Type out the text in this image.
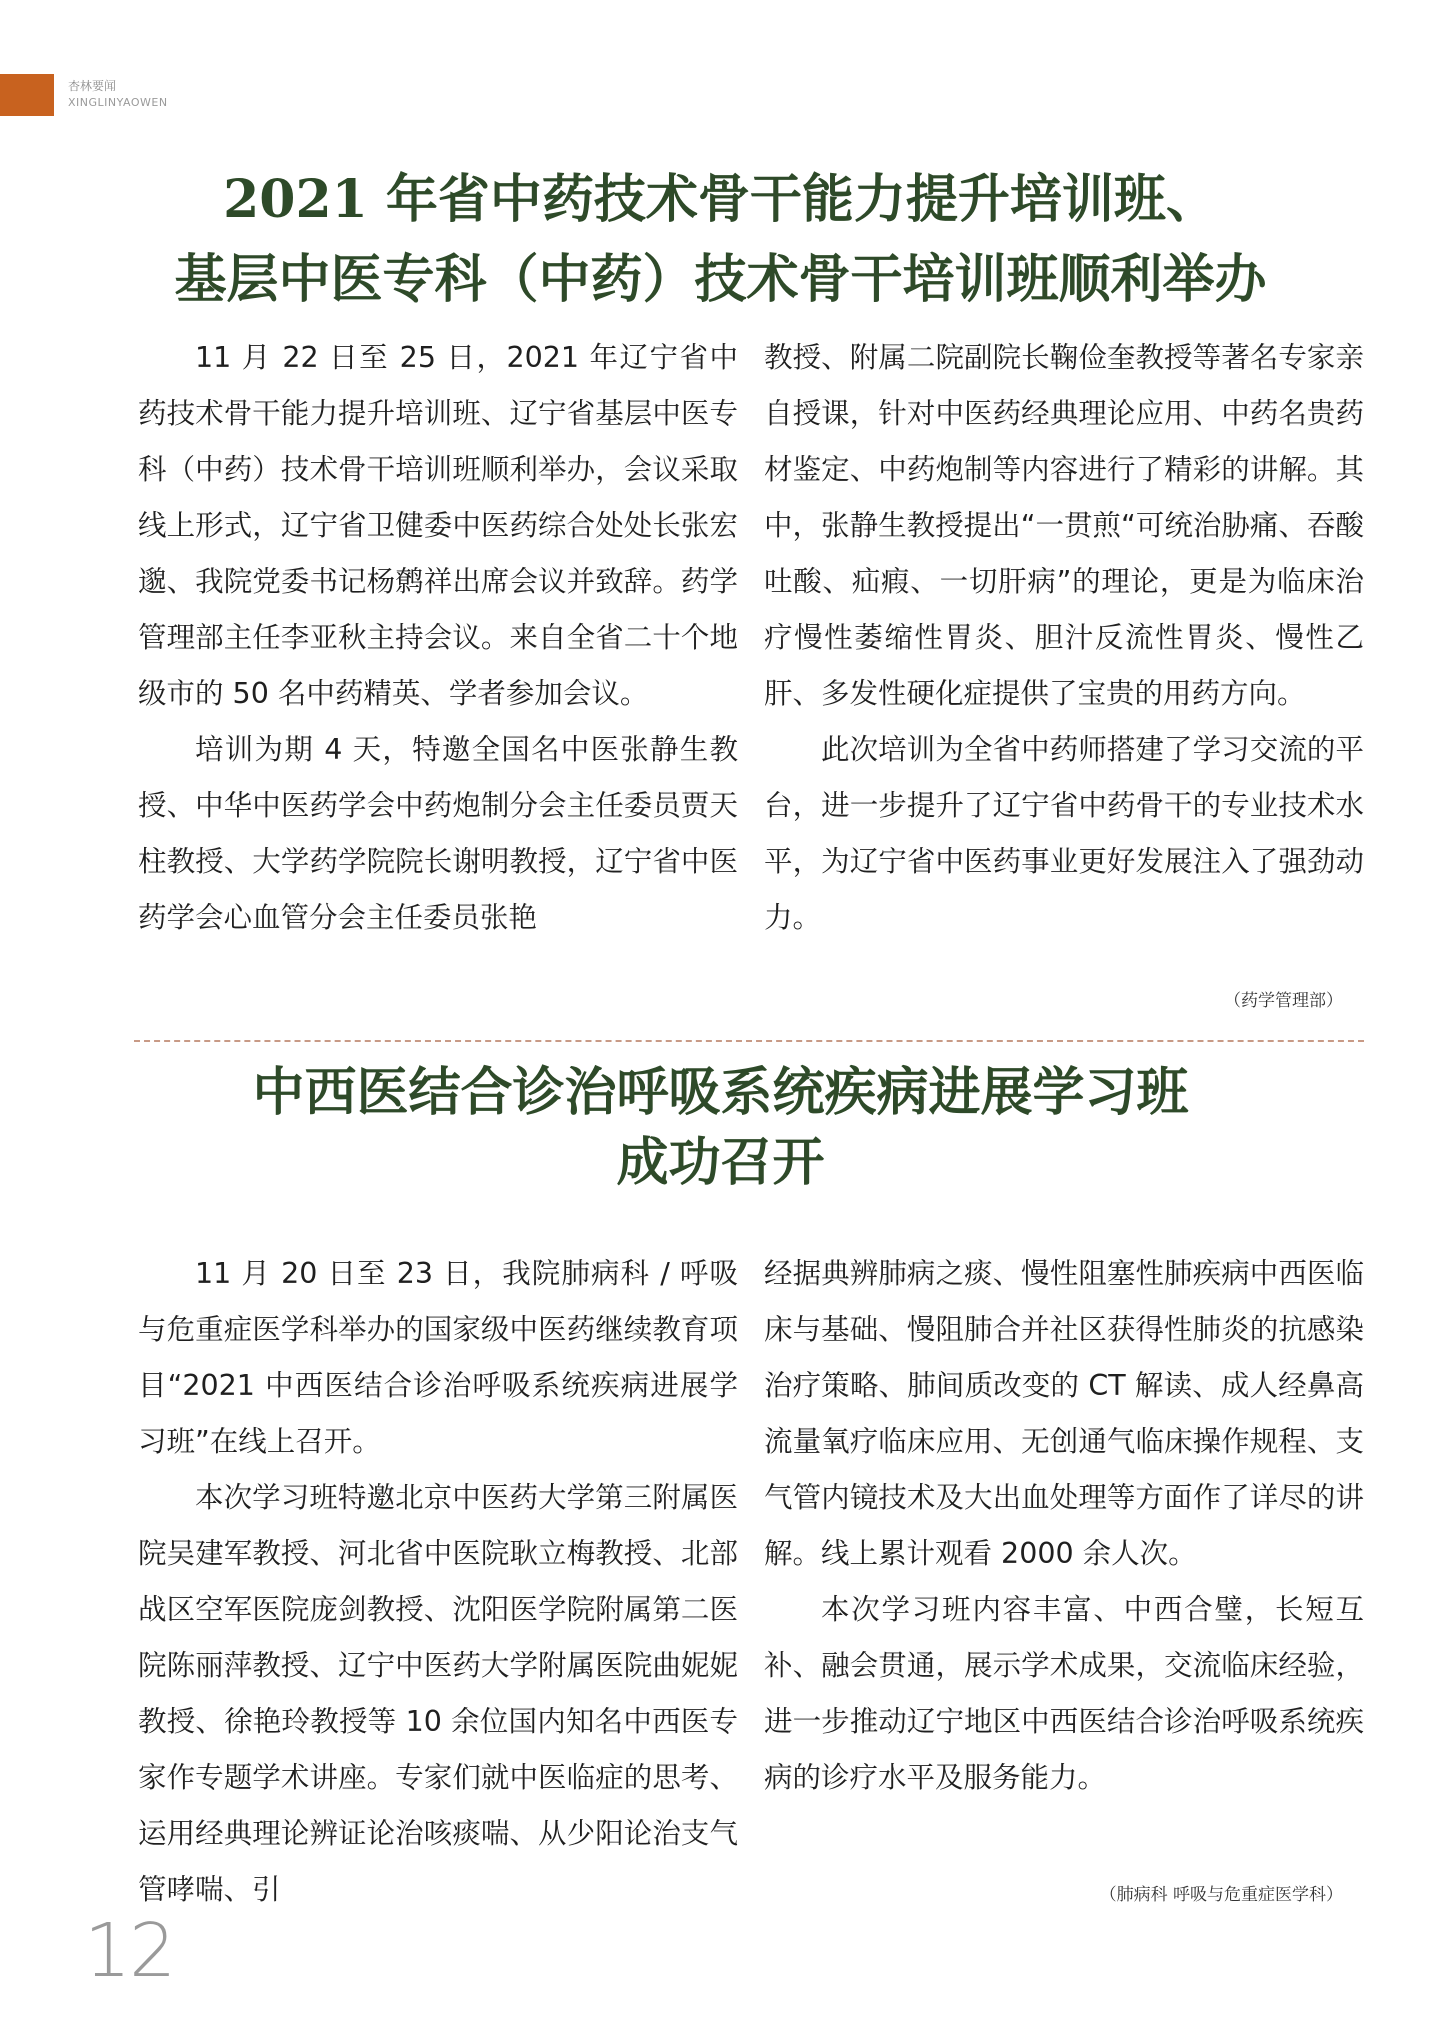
杏林要闻
XINGLINYAOWEN
2021 年省中药技术骨干能力提升培训班、
基层中医专科（中药）技术骨干培训班顺利举办

11 月 22 日至 25 日，2021 年辽宁省中药技术骨干能力提升培训班、辽宁省基层中医专科（中药）技术骨干培训班顺利举办，会议采取线上形式，辽宁省卫健委中医药综合处处长张宏邈、我院党委书记杨鹩祥出席会议并致辞。药学管理部主任李亚秋主持会议。来自全省二十个地级市的 50 名中药精英、学者参加会议。

培训为期 4 天，特邀全国名中医张静生教授、中华中医药学会中药炮制分会主任委员贾天柱教授、大学药学院院长谢明教授，辽宁省中医药学会心血管分会主任委员张艳

教授、附属二院副院长鞠俭奎教授等著名专家亲自授课，针对中医药经典理论应用、中药名贵药材鉴定、中药炮制等内容进行了精彩的讲解。其中，张静生教授提出“一贯煎“可统治胁痛、吞酸吐酸、疝瘕、一切肝病”的理论，更是为临床治疗慢性萎缩性胃炎、胆汁反流性胃炎、慢性乙肝、多发性硬化症提供了宝贵的用药方向。

此次培训为全省中药师搭建了学习交流的平台，进一步提升了辽宁省中药骨干的专业技术水平，为辽宁省中医药事业更好发展注入了强劲动力。

（药学管理部）
中西医结合诊治呼吸系统疾病进展学习班
成功召开

11 月 20 日至 23 日，我院肺病科 / 呼吸与危重症医学科举办的国家级中医药继续教育项目“2021 中西医结合诊治呼吸系统疾病进展学习班”在线上召开。

本次学习班特邀北京中医药大学第三附属医院吴建军教授、河北省中医院耿立梅教授、北部战区空军医院庞剑教授、沈阳医学院附属第二医院陈丽萍教授、辽宁中医药大学附属医院曲妮妮教授、徐艳玲教授等 10 余位国内知名中西医专家作专题学术讲座。专家们就中医临症的思考、运用经典理论辨证论治咳痰喘、从少阳论治支气管哮喘、引

经据典辨肺病之痰、慢性阻塞性肺疾病中西医临床与基础、慢阻肺合并社区获得性肺炎的抗感染治疗策略、肺间质改变的 CT 解读、成人经鼻高流量氧疗临床应用、无创通气临床操作规程、支气管内镜技术及大出血处理等方面作了详尽的讲解。线上累计观看 2000 余人次。

本次学习班内容丰富、中西合璧，长短互补、融会贯通，展示学术成果，交流临床经验，进一步推动辽宁地区中西医结合诊治呼吸系统疾病的诊疗水平及服务能力。

（肺病科 呼吸与危重症医学科）
12
